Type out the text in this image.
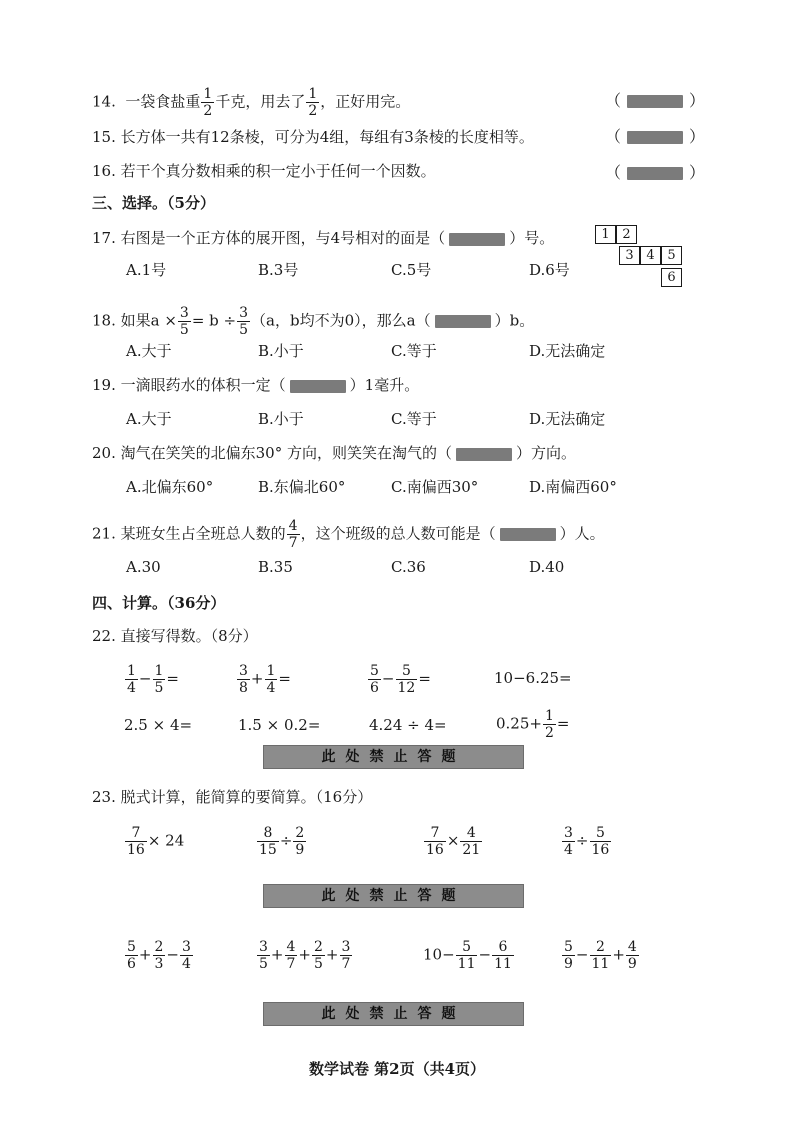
14. 一袋食盐重 $\frac{1}{2}$ 千克，用去了 $\frac{1}{2}$ ，正好用完。	（	）
15. 长方体一共有12条棱，可分为4组，每组有3条棱的长度相等。	（	）
16. 若干个真分数相乘的积一定小于任何一个因数。	（	）
三、选择。（5分）
17. 右图是一个正方体的展开图，与4号相对的面是（	）号。	1 2
3 4 5
6
A.1号	B.3号	C.5号	D.6号
18. 如果$a \times \frac{3}{5} = b \div \frac{3}{5} (a$，b均不为0），那么a（	）b。
A.大于	B.小于	C.等于	D.无法确定
19. 一滴眼药水的体积一定（	）1毫升。
A.大于	B.小于	C.等于	D.无法确定
20. 淘气在笑笑的北偏东30° 方向，则笑笑在淘气的（	）方向。
A.北偏东60°	B.东偏北60°	C.南偏西30°	D.南偏西60°
21. 某班女生占全班总人数的 $\frac{4}{7}$ ，这个班级的总人数可能是（	）人。
A.30	B.35	C.36	D.40
四、计算。（36分）
22. 直接写得数。（8分）
$\frac{1}{4} - \frac{1}{5}$ =	$\frac{3}{8} + \frac{1}{4}$ =	$\frac{5}{6} - \frac{5}{12}$ =	10−6.25=
2.5 × 4=	1.5 × 0.2=	4.24 ÷ 4=	$0.25+ \frac{1}{2}$ =
此处禁止答题
23. 脱式计算，能简算的要简算。（16分）
$\frac{7}{16} \times 24$	$\frac{8}{15} \div \frac{2}{9}$	$\frac{7}{16} \times \frac{4}{21}$	$\frac{3}{4} \div \frac{5}{16}$
此处禁止答题
$\frac{5}{6} + \frac{2}{3} - \frac{3}{4}$	$\frac{3}{5} + \frac{4}{7} + \frac{2}{5} + \frac{3}{7}$	$10- \frac{5}{11} - \frac{6}{11}$	$\frac{5}{9} - \frac{2}{11} + \frac{4}{9}$
此处禁止答题
数学试卷 第2页（共4页）
